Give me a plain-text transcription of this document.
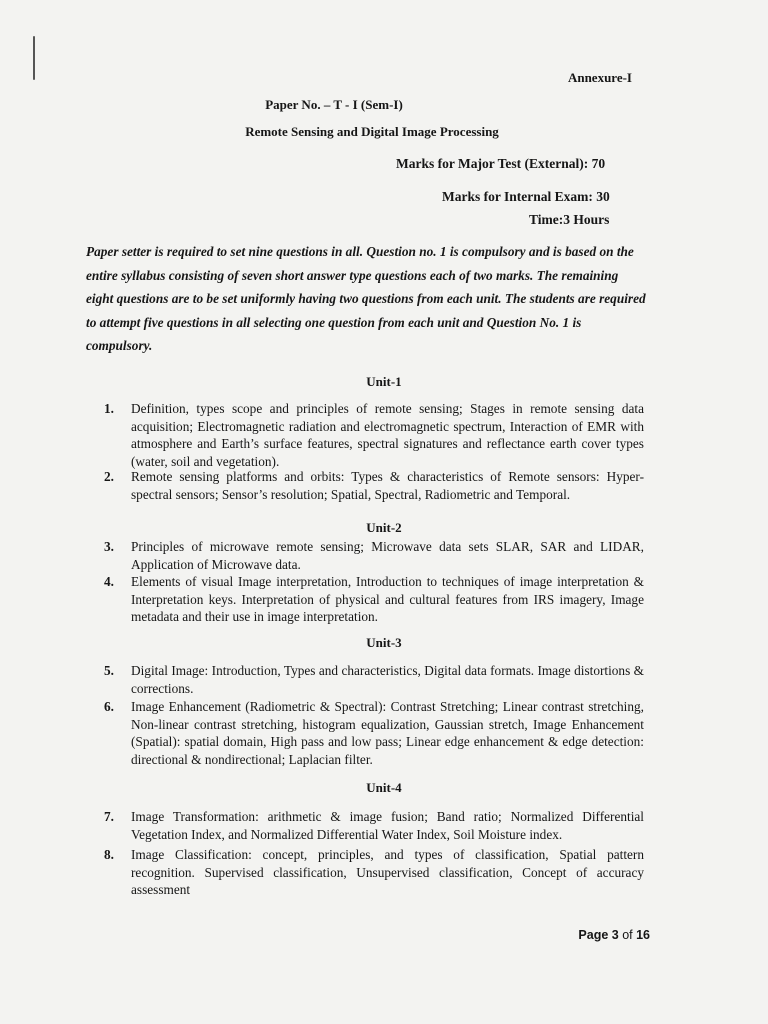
Annexure-I
Paper No. – T - I (Sem-I)
Remote Sensing and Digital Image Processing
Marks for Major Test (External): 70
Marks for Internal Exam: 30
Time:3 Hours
Paper setter is required to set nine questions in all. Question no. 1 is compulsory and is based on the entire syllabus consisting of seven short answer type questions each of two marks. The remaining eight questions are to be set uniformly having two questions from each unit. The students are required to attempt five questions in all selecting one question from each unit and Question No. 1 is compulsory.
Unit-1
1.	Definition, types scope and principles of remote sensing; Stages in remote sensing data acquisition; Electromagnetic radiation and electromagnetic spectrum, Interaction of EMR with atmosphere and Earth’s surface features, spectral signatures and reflectance earth cover types (water, soil and vegetation).
2.	Remote sensing platforms and orbits: Types & characteristics of Remote sensors: Hyper-spectral sensors; Sensor’s resolution; Spatial, Spectral, Radiometric and Temporal.
Unit-2
3.	Principles of microwave remote sensing; Microwave data sets SLAR, SAR and LIDAR, Application of Microwave data.
4.	Elements of visual Image interpretation, Introduction to techniques of image interpretation & Interpretation keys. Interpretation of physical and cultural features from IRS imagery, Image metadata and their use in image interpretation.
Unit-3
5.	Digital Image: Introduction, Types and characteristics, Digital data formats. Image distortions & corrections.
6.	Image Enhancement (Radiometric & Spectral): Contrast Stretching; Linear contrast stretching, Non-linear contrast stretching, histogram equalization, Gaussian stretch, Image Enhancement (Spatial): spatial domain, High pass and low pass; Linear edge enhancement & edge detection: directional & nondirectional; Laplacian filter.
Unit-4
7.	Image Transformation: arithmetic & image fusion; Band ratio; Normalized Differential Vegetation Index, and Normalized Differential Water Index, Soil Moisture index.
8.	Image Classification: concept, principles, and types of classification, Spatial pattern recognition. Supervised classification, Unsupervised classification, Concept of accuracy assessment
Page 3 of 16
